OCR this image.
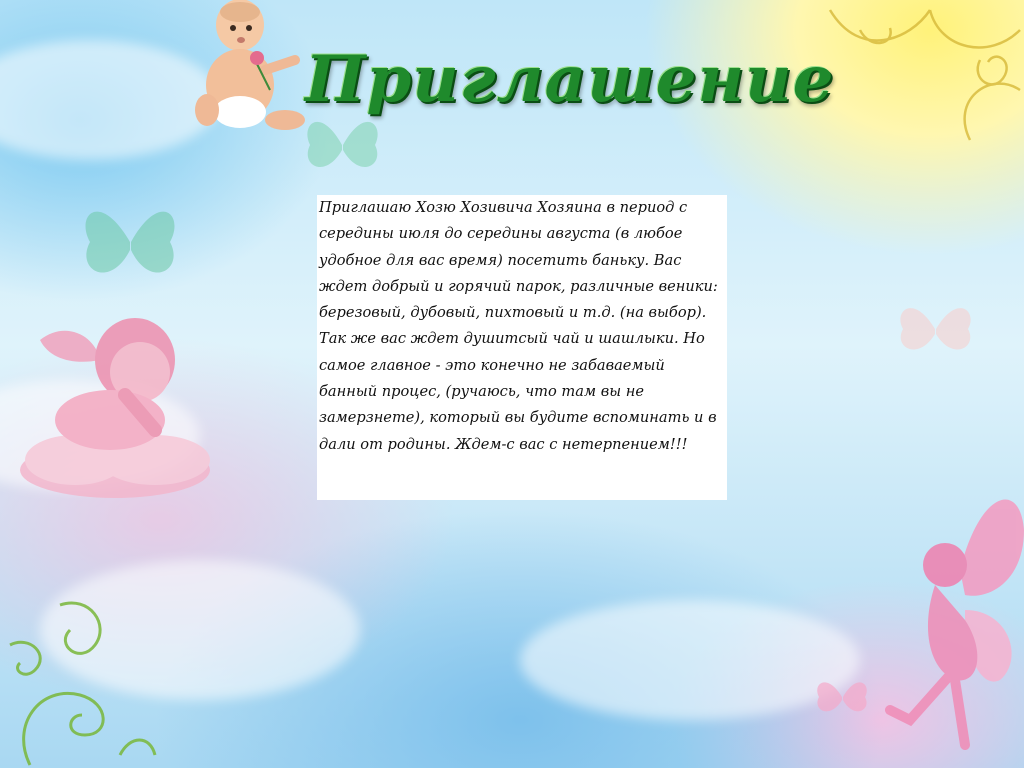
Приглашение

Приглашаю Хозю Хозивича Хозяина в период с середины июля до середины августа (в любое удобное для вас время) посетить баньку. Вас ждет добрый и горячий парок, различные веники: березовый, дубовый, пихтовый и т.д. (на выбор). Так же вас ждет душитсый чай и шашлыки. Но самое главное - это конечно не забаваемый банный процес, (ручаюсь, что там вы не замерзнете), который вы будите вспоминать и в дали от родины. Ждем-с вас с нетерпением!!!
